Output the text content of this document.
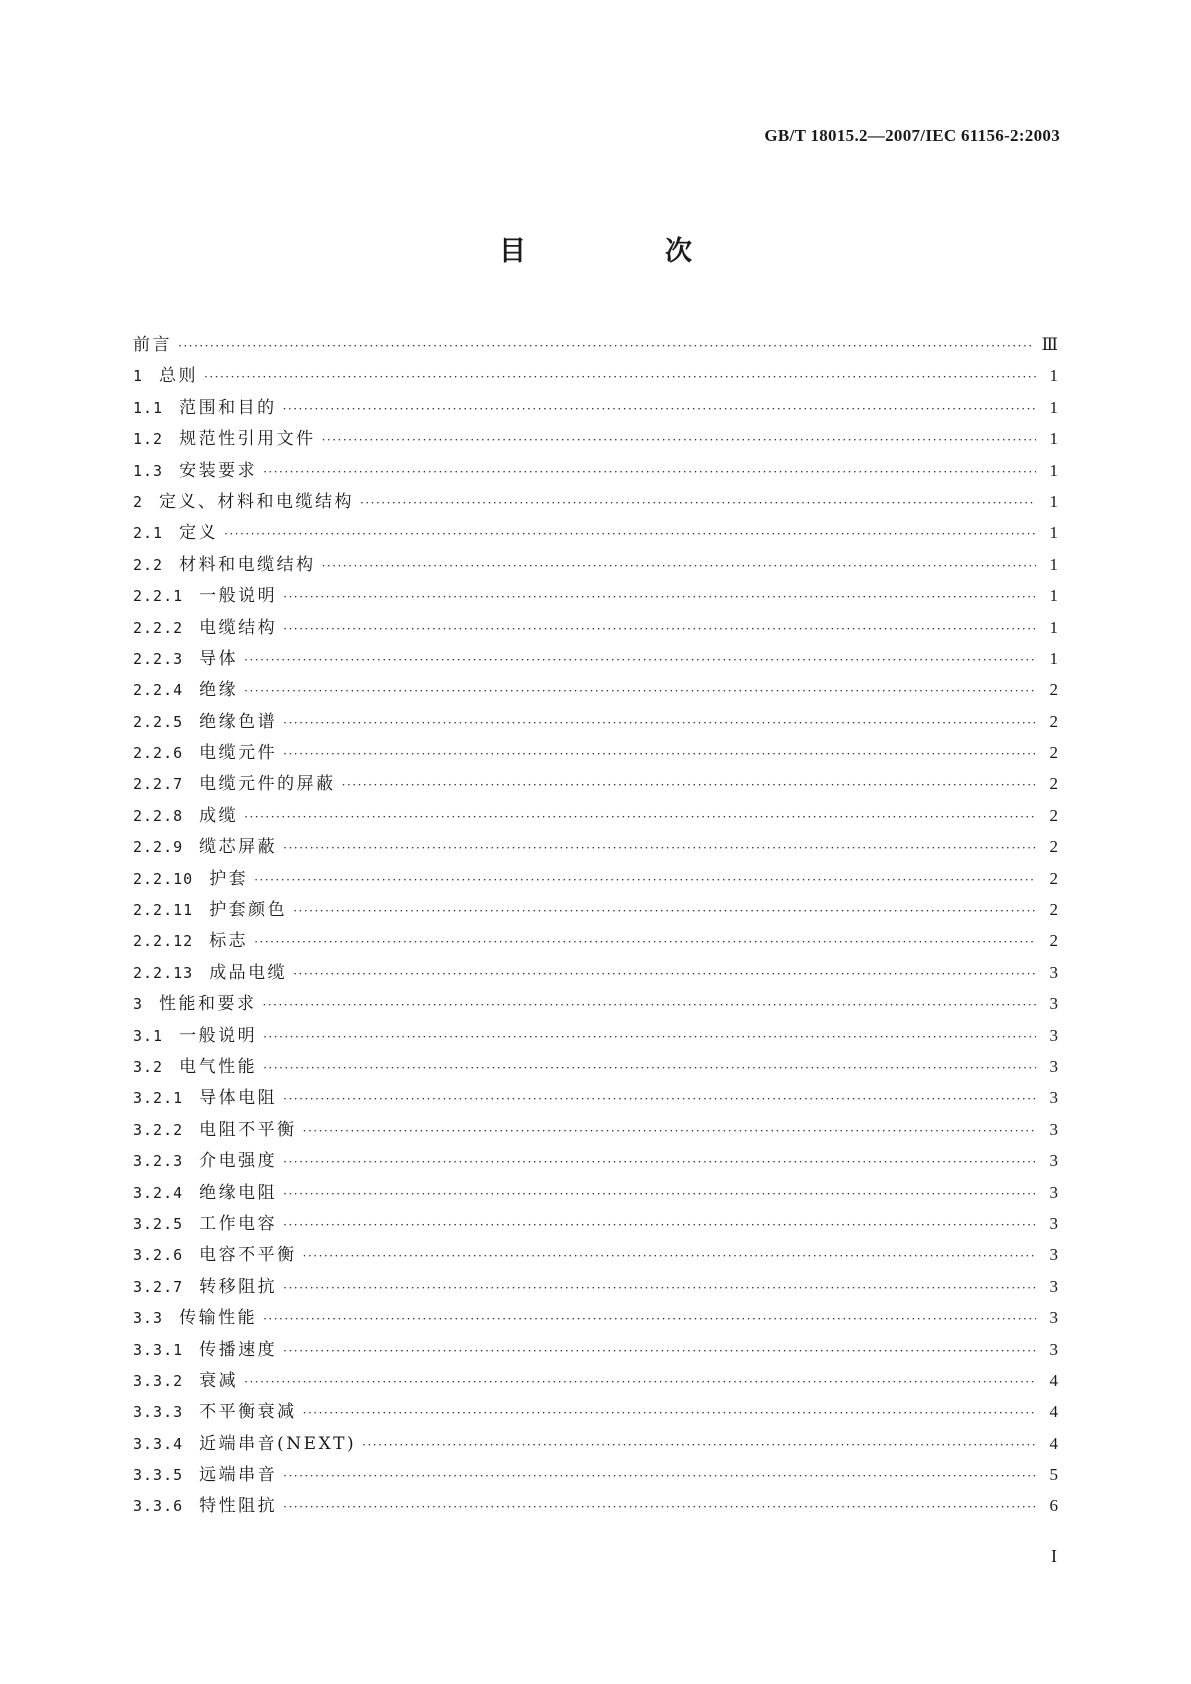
GB/T 18015.2—2007/IEC 61156-2:2003
目　次
前言 ·····	Ⅲ
1 总则 ·····	1
1.1 范围和目的 ·····	1
1.2 规范性引用文件 ·····	1
1.3 安装要求 ·····	1
2 定义、材料和电缆结构 ·····	1
2.1 定义 ·····	1
2.2 材料和电缆结构 ·····	1
2.2.1 一般说明 ·····	1
2.2.2 电缆结构 ·····	1
2.2.3 导体 ·····	1
2.2.4 绝缘 ·····	2
2.2.5 绝缘色谱 ·····	2
2.2.6 电缆元件 ·····	2
2.2.7 电缆元件的屏蔽 ·····	2
2.2.8 成缆 ·····	2
2.2.9 缆芯屏蔽 ·····	2
2.2.10 护套 ·····	2
2.2.11 护套颜色 ·····	2
2.2.12 标志 ·····	2
2.2.13 成品电缆 ·····	3
3 性能和要求 ·····	3
3.1 一般说明 ·····	3
3.2 电气性能 ·····	3
3.2.1 导体电阻 ·····	3
3.2.2 电阻不平衡 ·····	3
3.2.3 介电强度 ·····	3
3.2.4 绝缘电阻 ·····	3
3.2.5 工作电容 ·····	3
3.2.6 电容不平衡 ·····	3
3.2.7 转移阻抗 ·····	3
3.3 传输性能 ·····	3
3.3.1 传播速度 ·····	3
3.3.2 衰减 ·····	4
3.3.3 不平衡衰减 ·····	4
3.3.4 近端串音(NEXT) ·····	4
3.3.5 远端串音 ·····	5
3.3.6 特性阻抗 ·····	6
I
